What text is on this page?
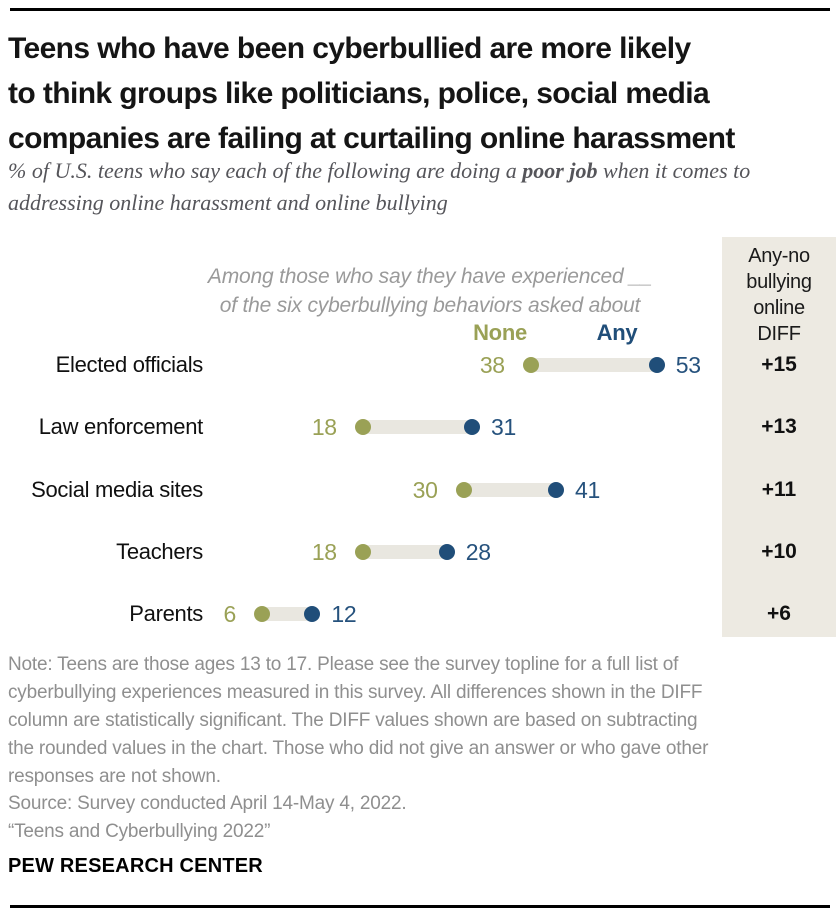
Teens who have been cyberbullied are more likely
to think groups like politicians, police, social media
companies are failing at curtailing online harassment
% of U.S. teens who say each of the following are doing a poor job when it comes to addressing online harassment and online bullying
Any-no
bullying
online
DIFF
Among those who say they have experienced __
of the six cyberbullying behaviors asked about
None	Any
Elected officials	38	53	+15
Law enforcement	18	31	+13
Social media sites	30	41	+11
Teachers	18	28	+10
Parents 6	12	+6
Note: Teens are those ages 13 to 17. Please see the survey topline for a full list of cyberbullying experiences measured in this survey. All differences shown in the DIFF column are statistically significant. The DIFF values shown are based on subtracting the rounded values in the chart. Those who did not give an answer or who gave other responses are not shown.
Source: Survey conducted April 14-May 4, 2022.
“Teens and Cyberbullying 2022”
PEW RESEARCH CENTER
